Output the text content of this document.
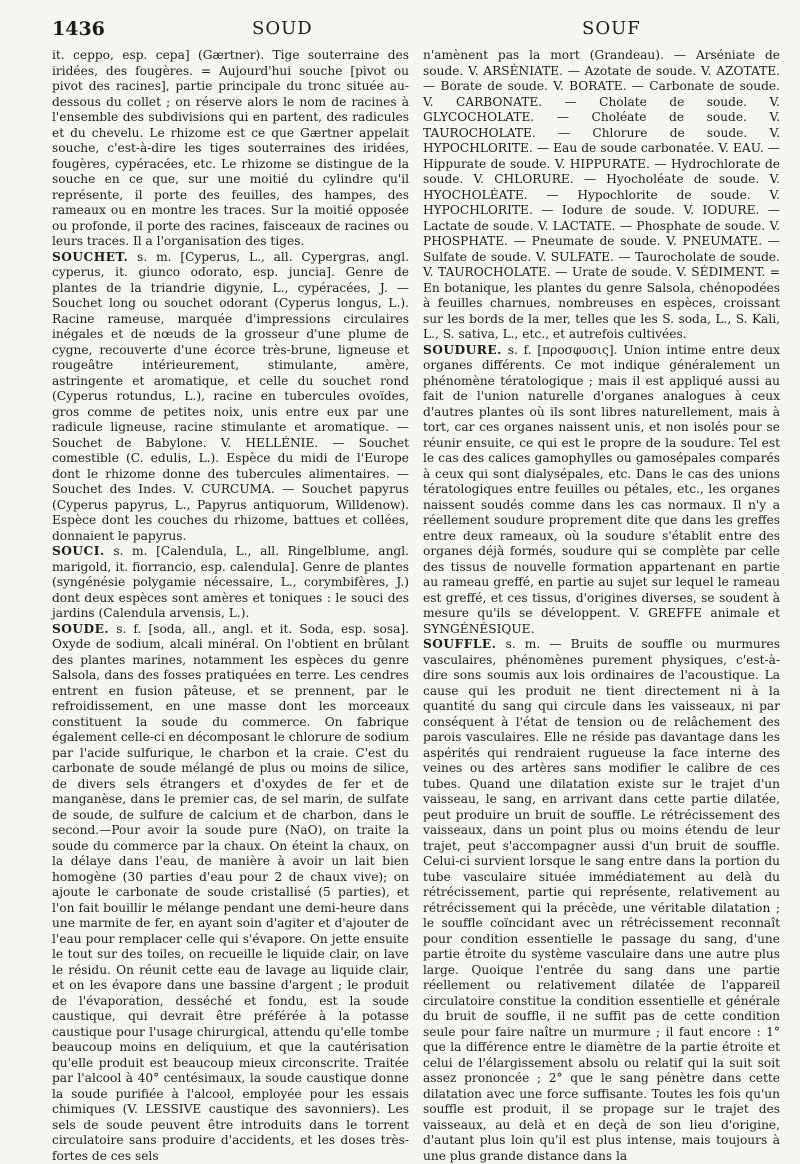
1436	SOUD	SOUF

it. ceppo, esp. cepa] (Gærtner). Tige souterraine des iridées, des fougères. = Aujourd'hui souche [pivot ou pivot des racines], partie principale du tronc située au-dessous du collet ; on réserve alors le nom de racines à l'ensemble des subdivisions qui en partent, des radicules et du chevelu. Le rhizome est ce que Gærtner appelait souche, c'est-à-dire les tiges souterraines des iridées, fougères, cypéracées, etc. Le rhizome se distingue de la souche en ce que, sur une moitié du cylindre qu'il représente, il porte des feuilles, des hampes, des rameaux ou en montre les traces. Sur la moitié opposée ou profonde, il porte des racines, faisceaux de racines ou leurs traces. Il a l'organisation des tiges.

SOUCHET. s. m. [Cyperus, L., all. Cypergras, angl. cyperus, it. giunco odorato, esp. juncia]. Genre de plantes de la triandrie digynie, L., cypéracées, J. — Souchet long ou souchet odorant (Cyperus longus, L.). Racine rameuse, marquée d'impressions circulaires inégales et de nœuds de la grosseur d'une plume de cygne, recouverte d'une écorce très-brune, ligneuse et rougeâtre intérieurement, stimulante, amère, astringente et aromatique, et celle du souchet rond (Cyperus rotundus, L.), racine en tubercules ovoïdes, gros comme de petites noix, unis entre eux par une radicule ligneuse, racine stimulante et aromatique. — Souchet de Babylone. V. HELLÉNIE. — Souchet comestible (C. edulis, L.). Espèce du midi de l'Europe dont le rhizome donne des tubercules alimentaires. — Souchet des Indes. V. CURCUMA. — Souchet papyrus (Cyperus papyrus, L., Papyrus antiquorum, Willdenow). Espèce dont les couches du rhizome, battues et collées, donnaient le papyrus.

SOUCI. s. m. [Calendula, L., all. Ringelblume, angl. marigold, it. fiorrancio, esp. calendula]. Genre de plantes (syngénésie polygamie nécessaire, L., corymbifères, J.) dont deux espèces sont amères et toniques : le souci des jardins (Calendula arvensis, L.).

SOUDE. s. f. [soda, all., angl. et it. Soda, esp. sosa]. Oxyde de sodium, alcali minéral. On l'obtient en brûlant des plantes marines, notamment les espèces du genre Salsola, dans des fosses pratiquées en terre. Les cendres entrent en fusion pâteuse, et se prennent, par le refroidissement, en une masse dont les morceaux constituent la soude du commerce. On fabrique également celle-ci en décomposant le chlorure de sodium par l'acide sulfurique, le charbon et la craie. C'est du carbonate de soude mélangé de plus ou moins de silice, de divers sels étrangers et d'oxydes de fer et de manganèse, dans le premier cas, de sel marin, de sulfate de soude, de sulfure de calcium et de charbon, dans le second.—Pour avoir la soude pure (NaO), on traite la soude du commerce par la chaux. On éteint la chaux, on la délaye dans l'eau, de manière à avoir un lait bien homogène (30 parties d'eau pour 2 de chaux vive); on ajoute le carbonate de soude cristallisé (5 parties), et l'on fait bouillir le mélange pendant une demi-heure dans une marmite de fer, en ayant soin d'agiter et d'ajouter de l'eau pour remplacer celle qui s'évapore. On jette ensuite le tout sur des toiles, on recueille le liquide clair, on lave le résidu. On réunit cette eau de lavage au liquide clair, et on les évapore dans une bassine d'argent ; le produit de l'évaporation, desséché et fondu, est la soude caustique, qui devrait être préférée à la potasse caustique pour l'usage chirurgical, attendu qu'elle tombe beaucoup moins en deliquium, et que la cautérisation qu'elle produit est beaucoup mieux circonscrite. Traitée par l'alcool à 40° centésimaux, la soude caustique donne la soude purifiée à l'alcool, employée pour les essais chimiques (V. LESSIVE caustique des savonniers). Les sels de soude peuvent être introduits dans le torrent circulatoire sans produire d'accidents, et les doses très-fortes de ces sels

n'amènent pas la mort (Grandeau). — Arséniate de soude. V. ARSÉNIATE. — Azotate de soude. V. AZOTATE. — Borate de soude. V. BORATE. — Carbonate de soude. V. CARBONATE. — Cholate de soude. V. GLYCOCHOLATE. — Choléate de soude. V. TAUROCHOLATE. — Chlorure de soude. V. HYPOCHLORITE. — Eau de soude carbonatée. V. EAU. — Hippurate de soude. V. HIPPURATE. — Hydrochlorate de soude. V. CHLORURE. — Hyocholéate de soude. V. HYOCHOLÉATE. — Hypochlorite de soude. V. HYPOCHLORITE. — Iodure de soude. V. IODURE. — Lactate de soude. V. LACTATE. — Phosphate de soude. V. PHOSPHATE. — Pneumate de soude. V. PNEUMATE. — Sulfate de soude. V. SULFATE. — Taurocholate de soude. V. TAUROCHOLATE. — Urate de soude. V. SÉDIMENT. = En botanique, les plantes du genre Salsola, chénopodées à feuilles charnues, nombreuses en espèces, croissant sur les bords de la mer, telles que les S. soda, L., S. Kali, L., S. sativa, L., etc., et autrefois cultivées.

SOUDURE. s. f. [προσφυσις]. Union intime entre deux organes différents. Ce mot indique généralement un phénomène tératologique ; mais il est appliqué aussi au fait de l'union naturelle d'organes analogues à ceux d'autres plantes où ils sont libres naturellement, mais à tort, car ces organes naissent unis, et non isolés pour se réunir ensuite, ce qui est le propre de la soudure. Tel est le cas des calices gamophylles ou gamosépales comparés à ceux qui sont dialysépales, etc. Dans le cas des unions tératologiques entre feuilles ou pétales, etc., les organes naissent soudés comme dans les cas normaux. Il n'y a réellement soudure proprement dite que dans les greffes entre deux rameaux, où la soudure s'établit entre des organes déjà formés, soudure qui se complète par celle des tissus de nouvelle formation appartenant en partie au rameau greffé, en partie au sujet sur lequel le rameau est greffé, et ces tissus, d'origines diverses, se soudent à mesure qu'ils se développent. V. GREFFE animale et SYNGÉNÉSIQUE.

SOUFFLE. s. m. — Bruits de souffle ou murmures vasculaires, phénomènes purement physiques, c'est-à-dire sons soumis aux lois ordinaires de l'acoustique. La cause qui les produit ne tient directement ni à la quantité du sang qui circule dans les vaisseaux, ni par conséquent à l'état de tension ou de relâchement des parois vasculaires. Elle ne réside pas davantage dans les aspérités qui rendraient rugueuse la face interne des veines ou des artères sans modifier le calibre de ces tubes. Quand une dilatation existe sur le trajet d'un vaisseau, le sang, en arrivant dans cette partie dilatée, peut produire un bruit de souffle. Le rétrécissement des vaisseaux, dans un point plus ou moins étendu de leur trajet, peut s'accompagner aussi d'un bruit de souffle. Celui-ci survient lorsque le sang entre dans la portion du tube vasculaire située immédiatement au delà du rétrécissement, partie qui représente, relativement au rétrécissement qui la précède, une véritable dilatation ; le souffle coïncidant avec un rétrécissement reconnaît pour condition essentielle le passage du sang, d'une partie étroite du système vasculaire dans une autre plus large. Quoique l'entrée du sang dans une partie réellement ou relativement dilatée de l'appareil circulatoire constitue la condition essentielle et générale du bruit de souffle, il ne suffit pas de cette condition seule pour faire naître un murmure ; il faut encore : 1° que la différence entre le diamètre de la partie étroite et celui de l'élargissement absolu ou relatif qui la suit soit assez prononcée ; 2° que le sang pénètre dans cette dilatation avec une force suffisante. Toutes les fois qu'un souffle est produit, il se propage sur le trajet des vaisseaux, au delà et en deçà de son lieu d'origine, d'autant plus loin qu'il est plus intense, mais toujours à une plus grande distance dans la
